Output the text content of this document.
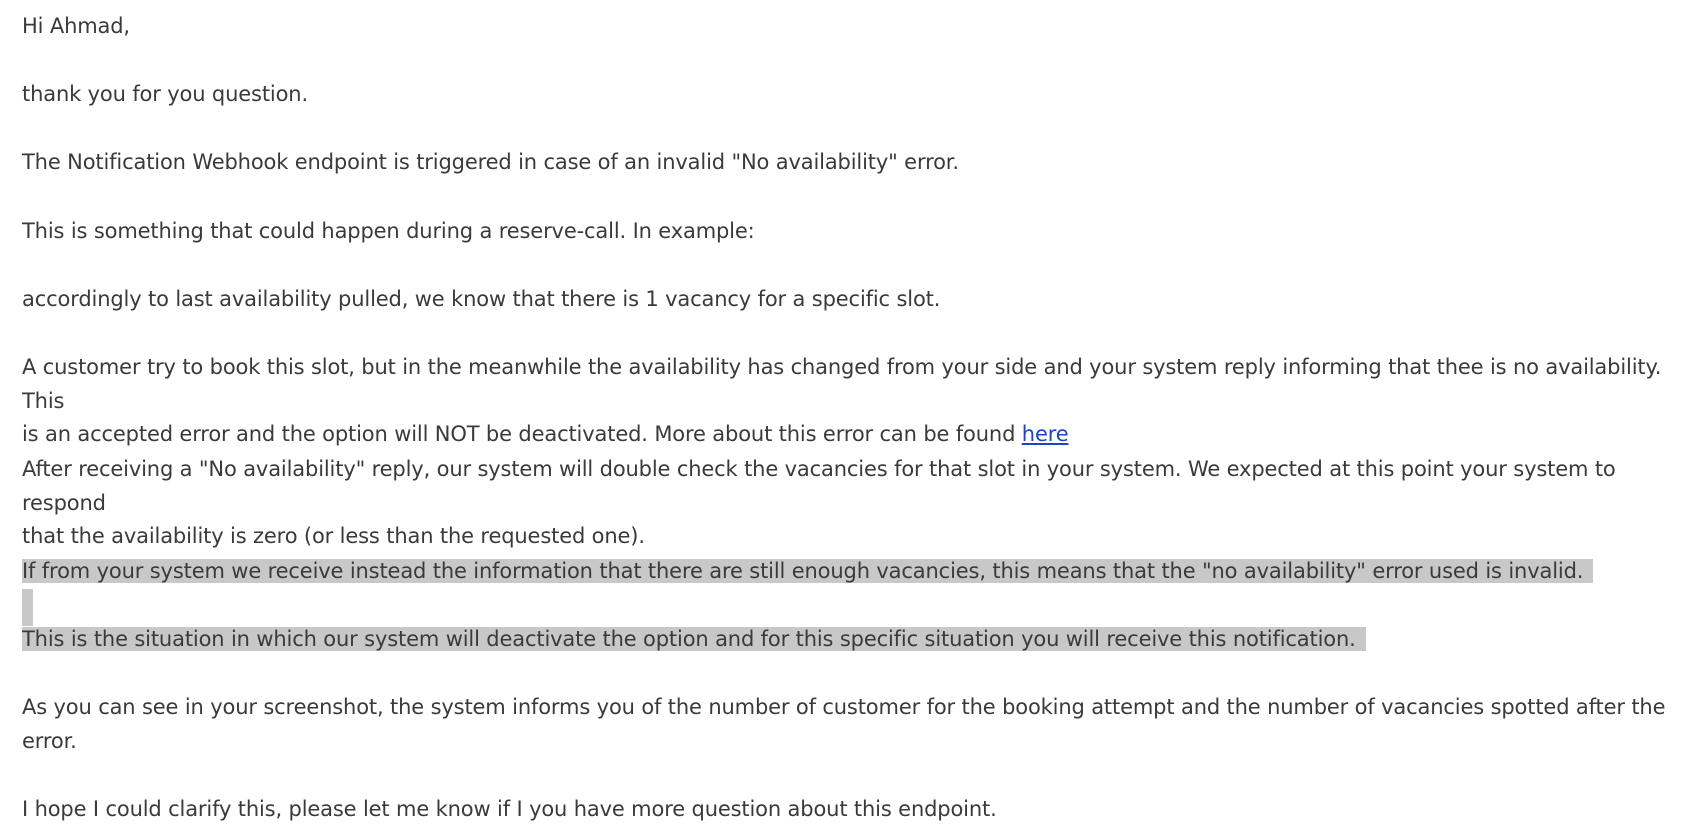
Hi Ahmad,

thank you for you question.

The Notification Webhook endpoint is triggered in case of an invalid "No availability" error.

This is something that could happen during a reserve-call. In example:

accordingly to last availability pulled, we know that there is 1 vacancy for a specific slot.

A customer try to book this slot, but in the meanwhile the availability has changed from your side and your system reply informing that thee is no availability. This
is an accepted error and the option will NOT be deactivated. More about this error can be found here
After receiving a "No availability" reply, our system will double check the vacancies for that slot in your system. We expected at this point your system to respond
that the availability is zero (or less than the requested one).

If from your system we receive instead the information that there are still enough vacancies, this means that the "no availability" error used is invalid.

This is the situation in which our system will deactivate the option and for this specific situation you will receive this notification.

As you can see in your screenshot, the system informs you of the number of customer for the booking attempt and the number of vacancies spotted after the
error.

I hope I could clarify this, please let me know if I you have more question about this endpoint.
